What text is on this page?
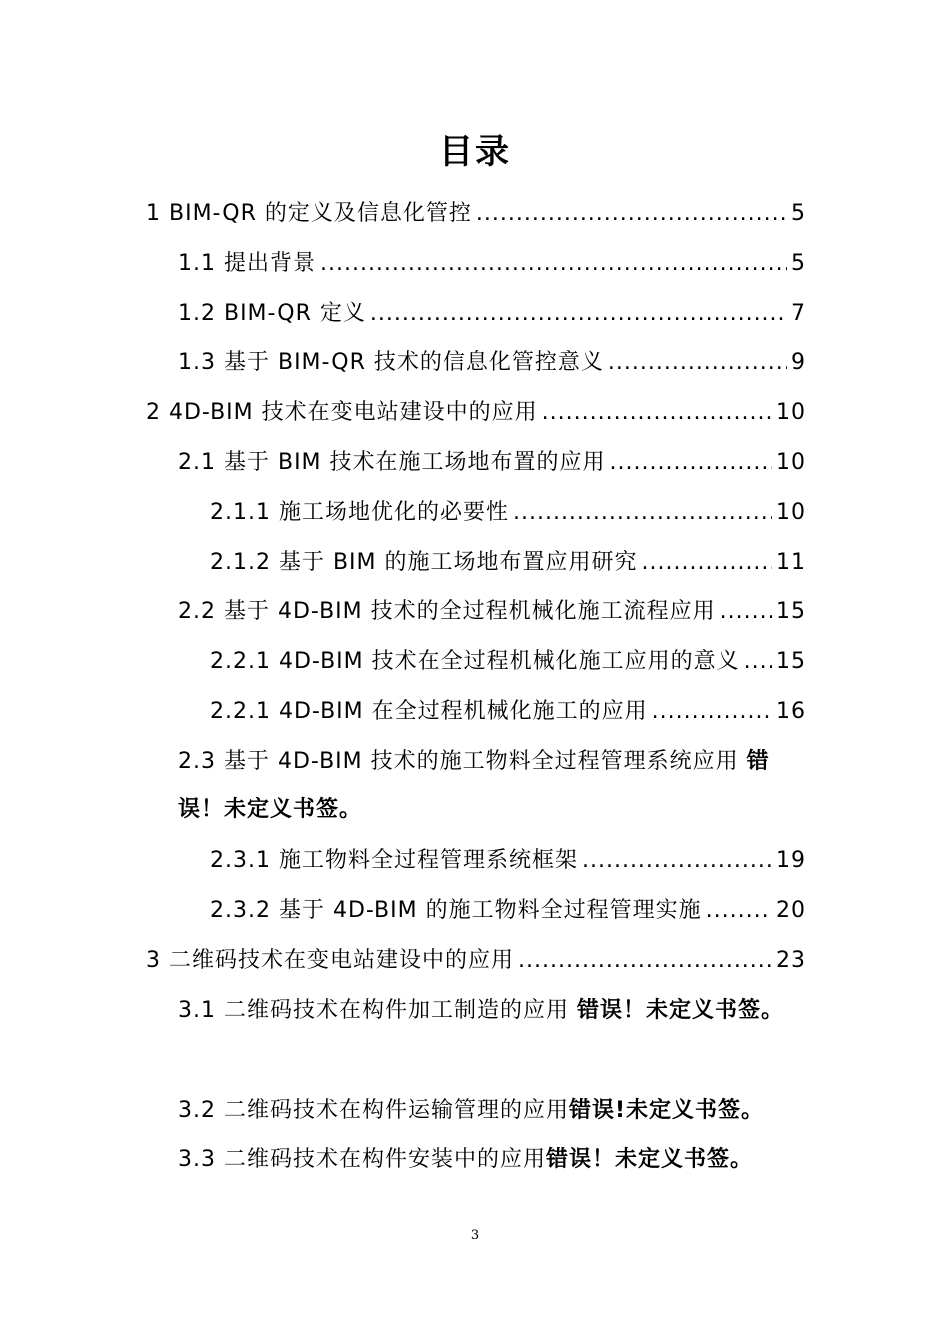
目录
1 BIM-QR 的定义及信息化管控 .....	5
1.1 提出背景 .....	5
1.2 BIM-QR 定义 .....	7
1.3 基于 BIM-QR 技术的信息化管控意义 .....	9
2 4D-BIM 技术在变电站建设中的应用 .....	10
2.1 基于 BIM 技术在施工场地布置的应用 .....	10
2.1.1 施工场地优化的必要性 .....	10
2.1.2 基于 BIM 的施工场地布置应用研究 .....	11
2.2 基于 4D-BIM 技术的全过程机械化施工流程应用 .....	15
2.2.1 4D-BIM 技术在全过程机械化施工应用的意义 ..... 15
2.2.1 4D-BIM 在全过程机械化施工的应用 .....	16
2.3 基于 4D-BIM 技术的施工物料全过程管理系统应用 错误！未定义书签。
2.3.1 施工物料全过程管理系统框架 .....	19
2.3.2 基于 4D-BIM 的施工物料全过程管理实施 .....	20
3 二维码技术在变电站建设中的应用 .....	23
3.1 二维码技术在构件加工制造的应用 错误！未定义书签。
3.2 二维码技术在构件运输管理的应用错误!未定义书签。
3.3 二维码技术在构件安装中的应用错误！未定义书签。
3
